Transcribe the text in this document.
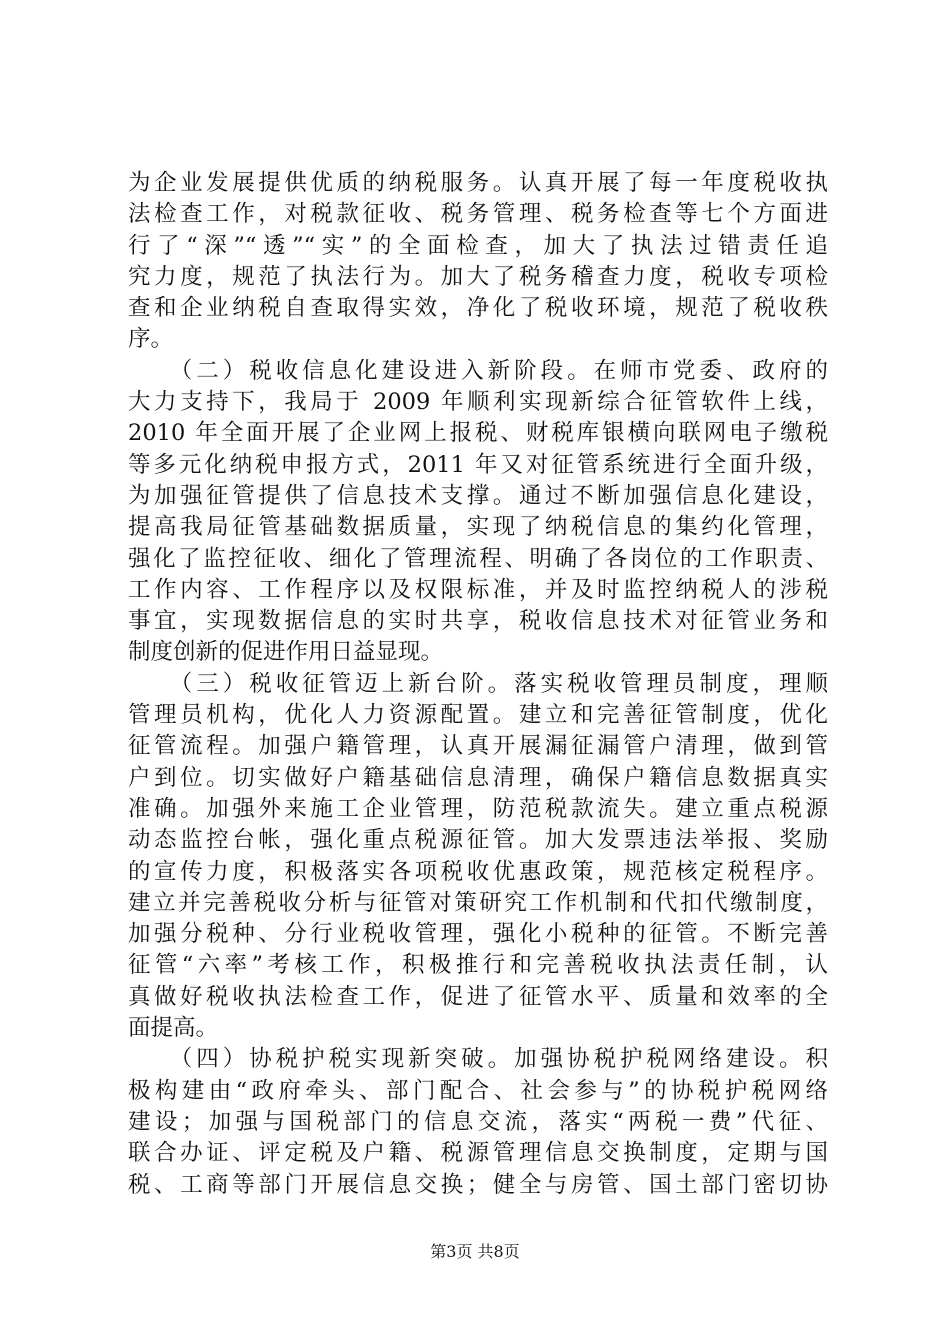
为企业发展提供优质的纳税服务。认真开展了每一年度税收执
法检查工作，对税款征收、税务管理、税务检查等七个方面进
行了“深”“透”“实”的全面检查，加大了执法过错责任追
究力度，规范了执法行为。加大了税务稽查力度，税收专项检
查和企业纳税自查取得实效，净化了税收环境，规范了税收秩
序。
　　（二）税收信息化建设进入新阶段。在师市党委、政府的
大力支持下，我局于 2009 年顺利实现新综合征管软件上线，
2010 年全面开展了企业网上报税、财税库银横向联网电子缴税
等多元化纳税申报方式，2011 年又对征管系统进行全面升级，
为加强征管提供了信息技术支撑。通过不断加强信息化建设，
提高我局征管基础数据质量，实现了纳税信息的集约化管理，
强化了监控征收、细化了管理流程、明确了各岗位的工作职责、
工作内容、工作程序以及权限标准，并及时监控纳税人的涉税
事宜，实现数据信息的实时共享，税收信息技术对征管业务和
制度创新的促进作用日益显现。
　　（三）税收征管迈上新台阶。落实税收管理员制度，理顺
管理员机构，优化人力资源配置。建立和完善征管制度，优化
征管流程。加强户籍管理，认真开展漏征漏管户清理，做到管
户到位。切实做好户籍基础信息清理，确保户籍信息数据真实
准确。加强外来施工企业管理，防范税款流失。建立重点税源
动态监控台帐，强化重点税源征管。加大发票违法举报、奖励
的宣传力度，积极落实各项税收优惠政策，规范核定税程序。
建立并完善税收分析与征管对策研究工作机制和代扣代缴制度，
加强分税种、分行业税收管理，强化小税种的征管。不断完善
征管“六率”考核工作，积极推行和完善税收执法责任制，认
真做好税收执法检查工作，促进了征管水平、质量和效率的全
面提高。
　　（四）协税护税实现新突破。加强协税护税网络建设。积
极构建由“政府牵头、部门配合、社会参与”的协税护税网络
建设；加强与国税部门的信息交流，落实“两税一费”代征、
联合办证、评定税及户籍、税源管理信息交换制度，定期与国
税、工商等部门开展信息交换；健全与房管、国土部门密切协
第3页 共8页
